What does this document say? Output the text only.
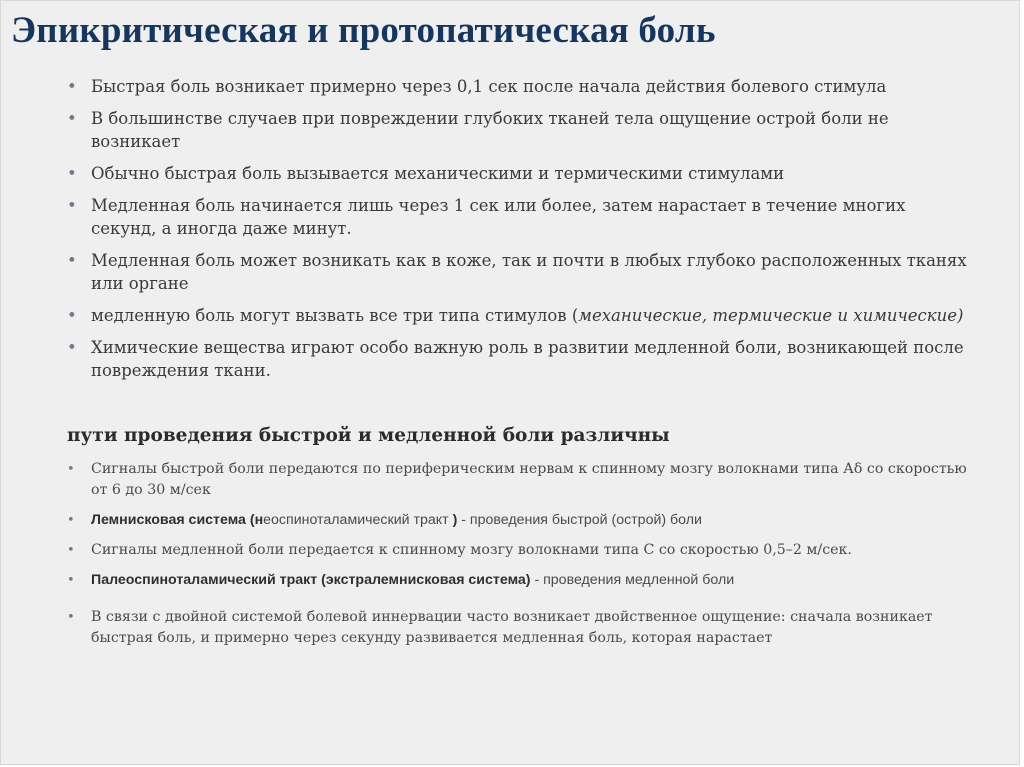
Эпикритическая и протопатическая боль
• Быстрая боль возникает примерно через 0,1 сек после начала действия болевого стимула
• В большинстве случаев при повреждении глубоких тканей тела ощущение острой боли не возникает
• Обычно быстрая боль вызывается механическими и термическими стимулами
• Медленная боль начинается лишь через 1 сек или более, затем нарастает в течение многих секунд, а иногда даже минут.
• Медленная боль может возникать как в коже, так и почти в любых глубоко расположенных тканях или органе
• медленную боль могут вызвать все три типа стимулов (механические, термические и химические)
• Химические вещества играют особо важную роль в развитии медленной боли, возникающей после повреждения ткани.
пути проведения быстрой и медленной боли различны
• Сигналы быстрой боли передаются по периферическим нервам к спинному мозгу волокнами типа Аδ со скоростью от 6 до 30 м/сек
• Лемнисковая система (неоспиноталамический тракт ) - проведения быстрой (острой) боли
• Сигналы медленной боли передается к спинному мозгу волокнами типа С со скоростью 0,5–2 м/сек.
• Палеоспиноталамический тракт (экстралемнисковая система) - проведения медленной боли
• В связи с двойной системой болевой иннервации часто возникает двойственное ощущение: сначала возникает быстрая боль, и примерно через секунду развивается медленная боль, которая нарастает
